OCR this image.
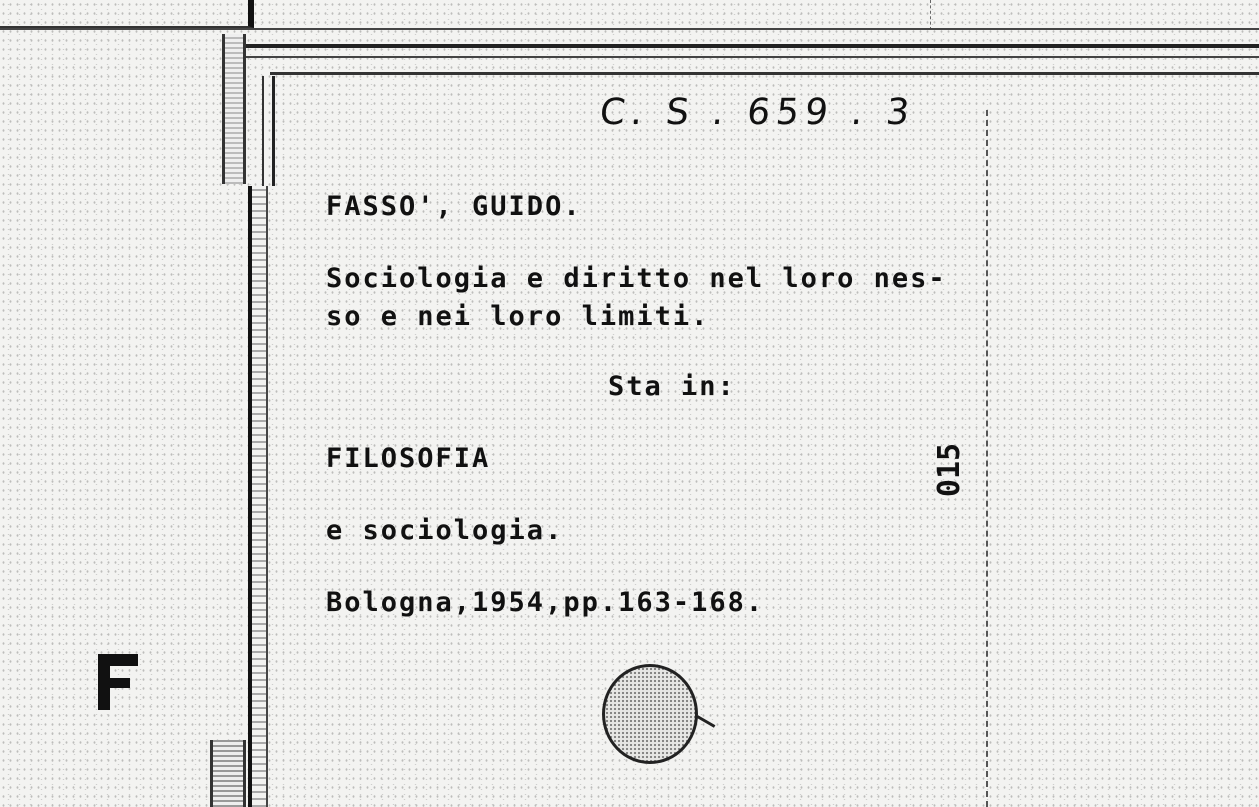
C. S . 659 . 3
FASSO', GUIDO.
Sociologia e diritto nel loro nes-
so e nei loro limiti.
Sta in:
FILOSOFIA
e sociologia.
Bologna,1954,pp.163-168.
015
